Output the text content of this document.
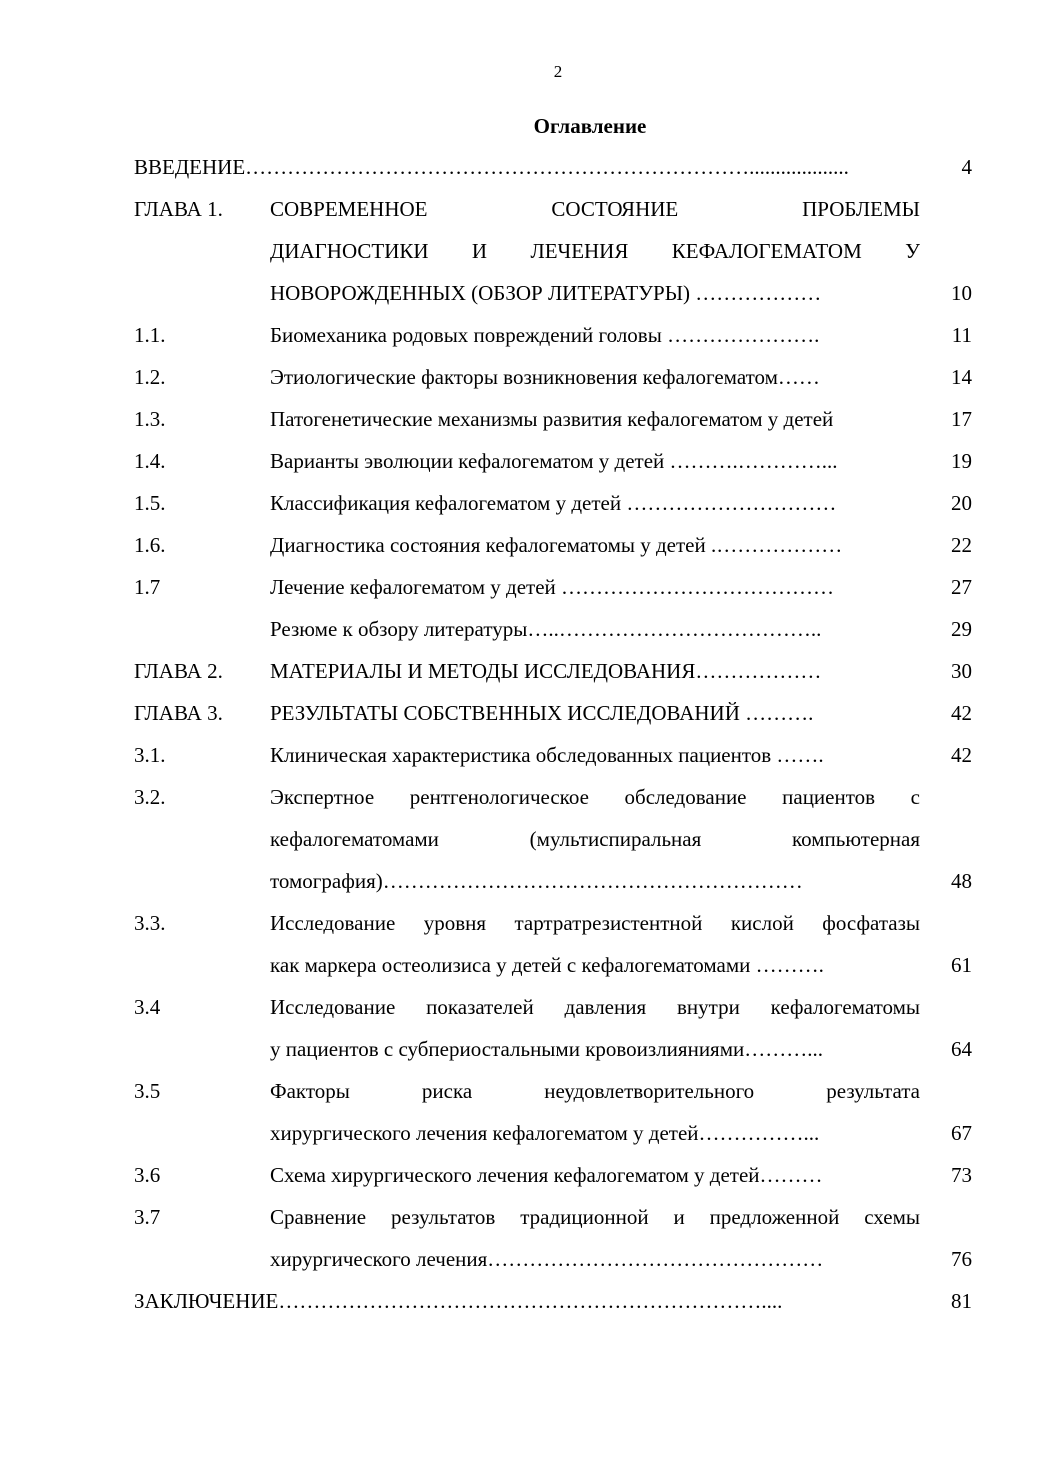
2
Оглавление
ВВЕДЕНИЕ………………………………………………………………...................	4
ГЛАВА 1. СОВРЕМЕННОЕ СОСТОЯНИЕ ПРОБЛЕМЫ
ДИАГНОСТИКИ И ЛЕЧЕНИЯ КЕФАЛОГЕМАТОМ У
НОВОРОЖДЕННЫХ (ОБЗОР ЛИТЕРАТУРЫ) ………………	10
1.1.	Биомеханика родовых повреждений головы ………………….	11
1.2.	Этиологические факторы возникновения кефалогематом……	14
1.3.	Патогенетические механизмы развития кефалогематом у детей	17
1.4.	Варианты эволюции кефалогематом у детей ……….…………...	19
1.5.	Классификация кефалогематом у детей …………………………	20
1.6.	Диагностика состояния кефалогематомы у детей .………………	22
1.7	Лечение кефалогематом у детей …………………………………	27
Резюме к обзору литературы…..………………………………..	29
ГЛАВА 2. МАТЕРИАЛЫ И МЕТОДЫ ИССЛЕДОВАНИЯ………………	30
ГЛАВА 3. РЕЗУЛЬТАТЫ СОБСТВЕННЫХ ИССЛЕДОВАНИЙ ……….	42
3.1.	Клиническая характеристика обследованных пациентов …….	42
3.2.	Экспертное рентгенологическое обследование пациентов с
кефалогематомами (мультиспиральная компьютерная
томография)……………………………………………………	48
3.3.	Исследование уровня тартратрезистентной кислой фосфатазы
как маркера остеолизиса у детей с кефалогематомами ……….	61
3.4	Исследование показателей давления внутри кефалогематомы
у пациентов с субпериостальными кровоизлияниями………...	64
3.5	Факторы риска неудовлетворительного результата
хирургического лечения кефалогематом у детей……………...	67
3.6	Схема хирургического лечения кефалогематом у детей………	73
3.7	Сравнение результатов традиционной и предложенной схемы
хирургического лечения…………………………………………	76
ЗАКЛЮЧЕНИЕ……………………………………………………………....	81
